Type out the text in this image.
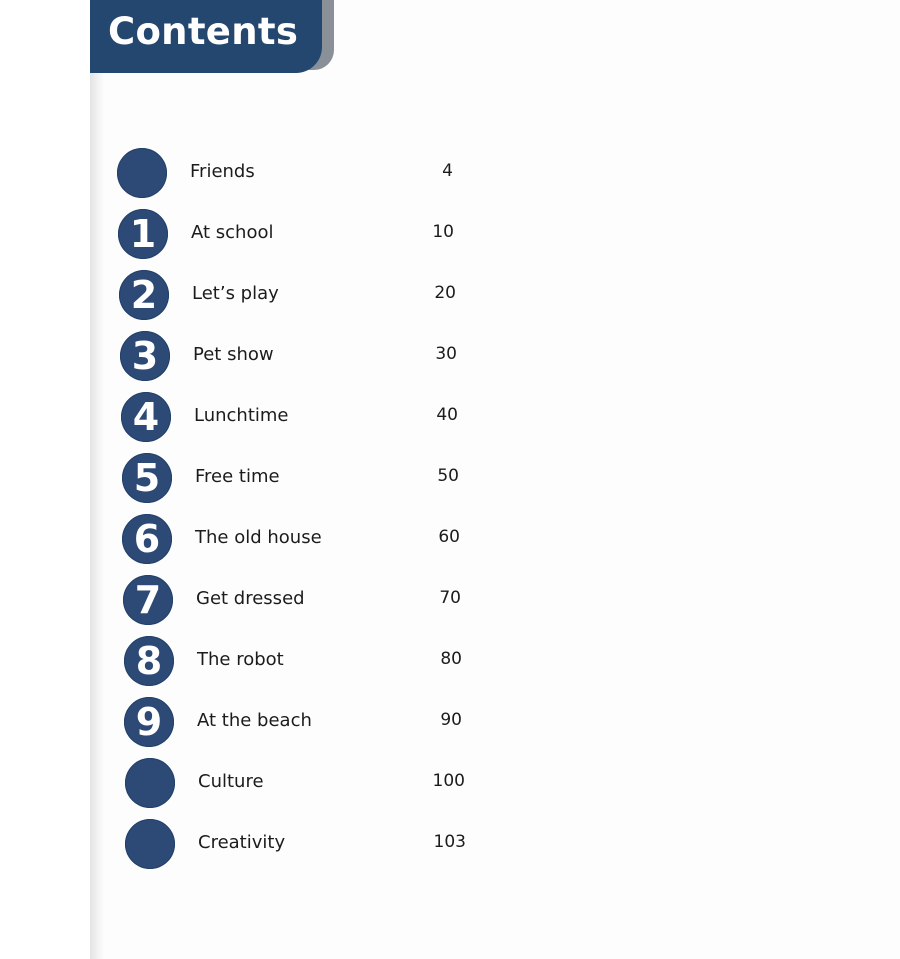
Contents
Friends	4
1	At school	10
2	Let’s play	20
3	Pet show	30
4	Lunchtime	40
5	Free time	50
6	The old house	60
7	Get dressed	70
8	The robot	80
9	At the beach	90
Culture	100
Creativity	103
